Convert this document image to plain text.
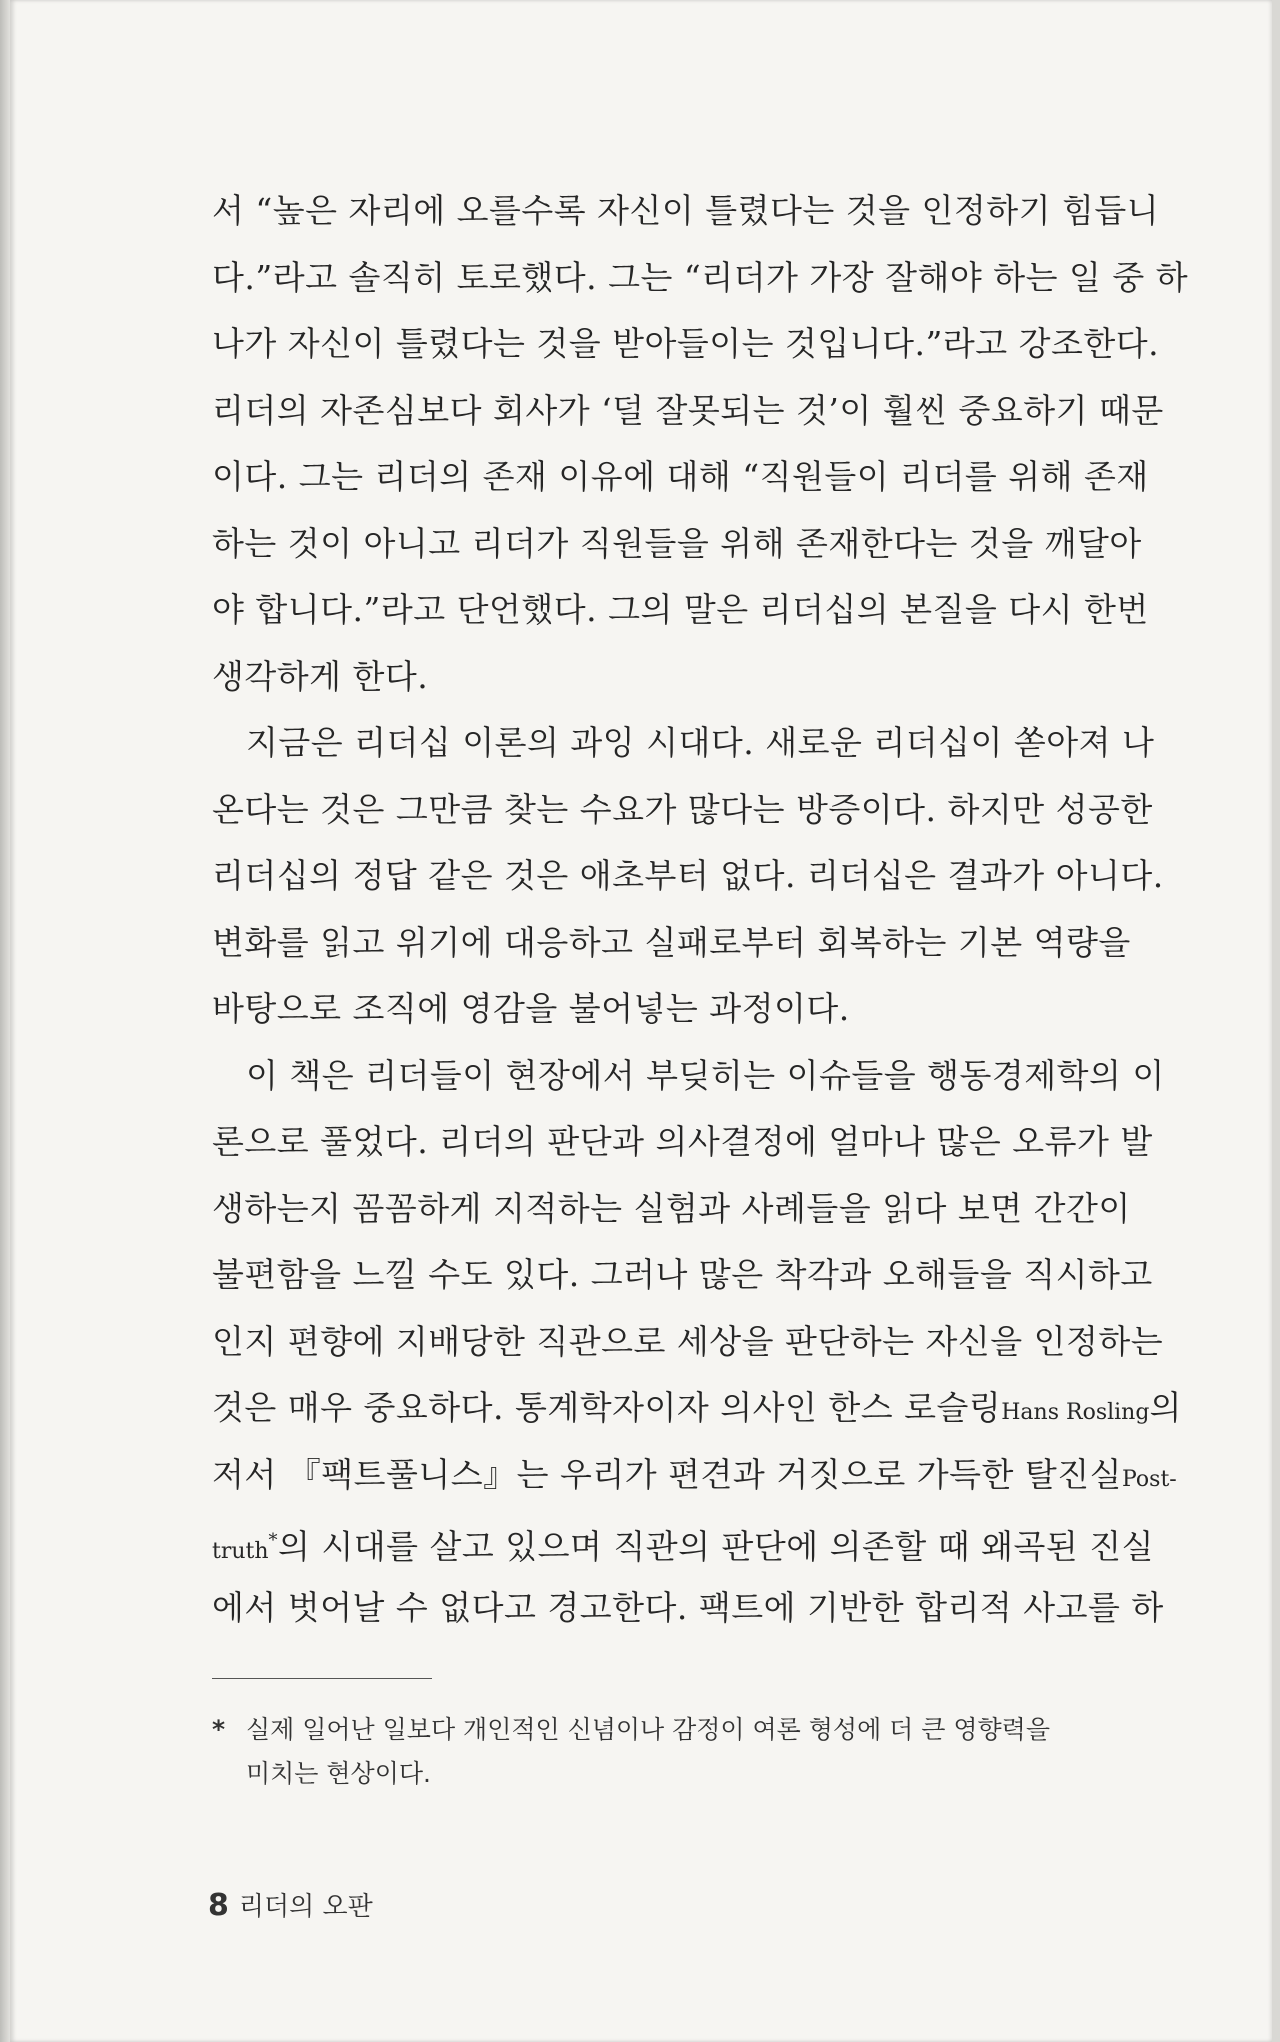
서 “높은 자리에 오를수록 자신이 틀렸다는 것을 인정하기 힘듭니
다.”라고 솔직히 토로했다. 그는 “리더가 가장 잘해야 하는 일 중 하
나가 자신이 틀렸다는 것을 받아들이는 것입니다.”라고 강조한다.
리더의 자존심보다 회사가 ‘덜 잘못되는 것’이 훨씬 중요하기 때문
이다. 그는 리더의 존재 이유에 대해 “직원들이 리더를 위해 존재
하는 것이 아니고 리더가 직원들을 위해 존재한다는 것을 깨달아
야 합니다.”라고 단언했다. 그의 말은 리더십의 본질을 다시 한번
생각하게 한다.
지금은 리더십 이론의 과잉 시대다. 새로운 리더십이 쏟아져 나
온다는 것은 그만큼 찾는 수요가 많다는 방증이다. 하지만 성공한
리더십의 정답 같은 것은 애초부터 없다. 리더십은 결과가 아니다.
변화를 읽고 위기에 대응하고 실패로부터 회복하는 기본 역량을
바탕으로 조직에 영감을 불어넣는 과정이다.
이 책은 리더들이 현장에서 부딪히는 이슈들을 행동경제학의 이
론으로 풀었다. 리더의 판단과 의사결정에 얼마나 많은 오류가 발
생하는지 꼼꼼하게 지적하는 실험과 사례들을 읽다 보면 간간이
불편함을 느낄 수도 있다. 그러나 많은 착각과 오해들을 직시하고
인지 편향에 지배당한 직관으로 세상을 판단하는 자신을 인정하는
것은 매우 중요하다. 통계학자이자 의사인 한스 로슬링Hans Rosling의
저서 『팩트풀니스』는 우리가 편견과 거짓으로 가득한 탈진실Post-
truth*의 시대를 살고 있으며 직관의 판단에 의존할 때 왜곡된 진실
에서 벗어날 수 없다고 경고한다. 팩트에 기반한 합리적 사고를 하
* 실제 일어난 일보다 개인적인 신념이나 감정이 여론 형성에 더 큰 영향력을
미치는 현상이다.
8 리더의 오판
